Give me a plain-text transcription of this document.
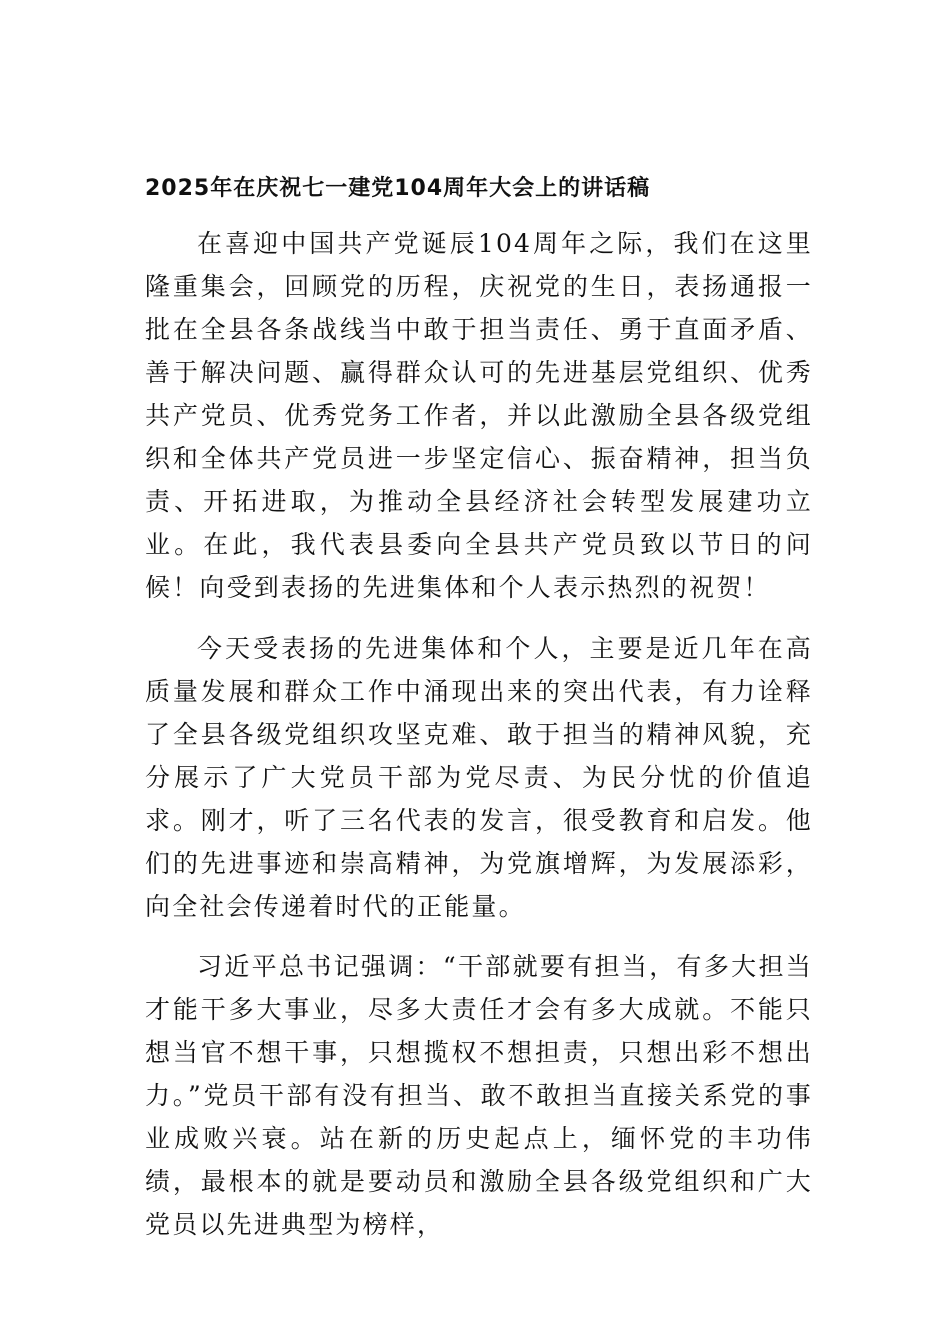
2025年在庆祝七一建党104周年大会上的讲话稿

在喜迎中国共产党诞辰104周年之际，我们在这里隆重集会，回顾党的历程，庆祝党的生日，表扬通报一批在全县各条战线当中敢于担当责任、勇于直面矛盾、善于解决问题、赢得群众认可的先进基层党组织、优秀共产党员、优秀党务工作者，并以此激励全县各级党组织和全体共产党员进一步坚定信心、振奋精神，担当负责、开拓进取，为推动全县经济社会转型发展建功立业。在此，我代表县委向全县共产党员致以节日的问候！向受到表扬的先进集体和个人表示热烈的祝贺！

今天受表扬的先进集体和个人，主要是近几年在高质量发展和群众工作中涌现出来的突出代表，有力诠释了全县各级党组织攻坚克难、敢于担当的精神风貌，充分展示了广大党员干部为党尽责、为民分忧的价值追求。刚才，听了三名代表的发言，很受教育和启发。他们的先进事迹和崇高精神，为党旗增辉，为发展添彩，向全社会传递着时代的正能量。

习近平总书记强调：“干部就要有担当，有多大担当才能干多大事业，尽多大责任才会有多大成就。不能只想当官不想干事，只想揽权不想担责，只想出彩不想出力。”党员干部有没有担当、敢不敢担当直接关系党的事业成败兴衰。站在新的历史起点上，缅怀党的丰功伟绩，最根本的就是要动员和激励全县各级党组织和广大党员以先进典型为榜样，
